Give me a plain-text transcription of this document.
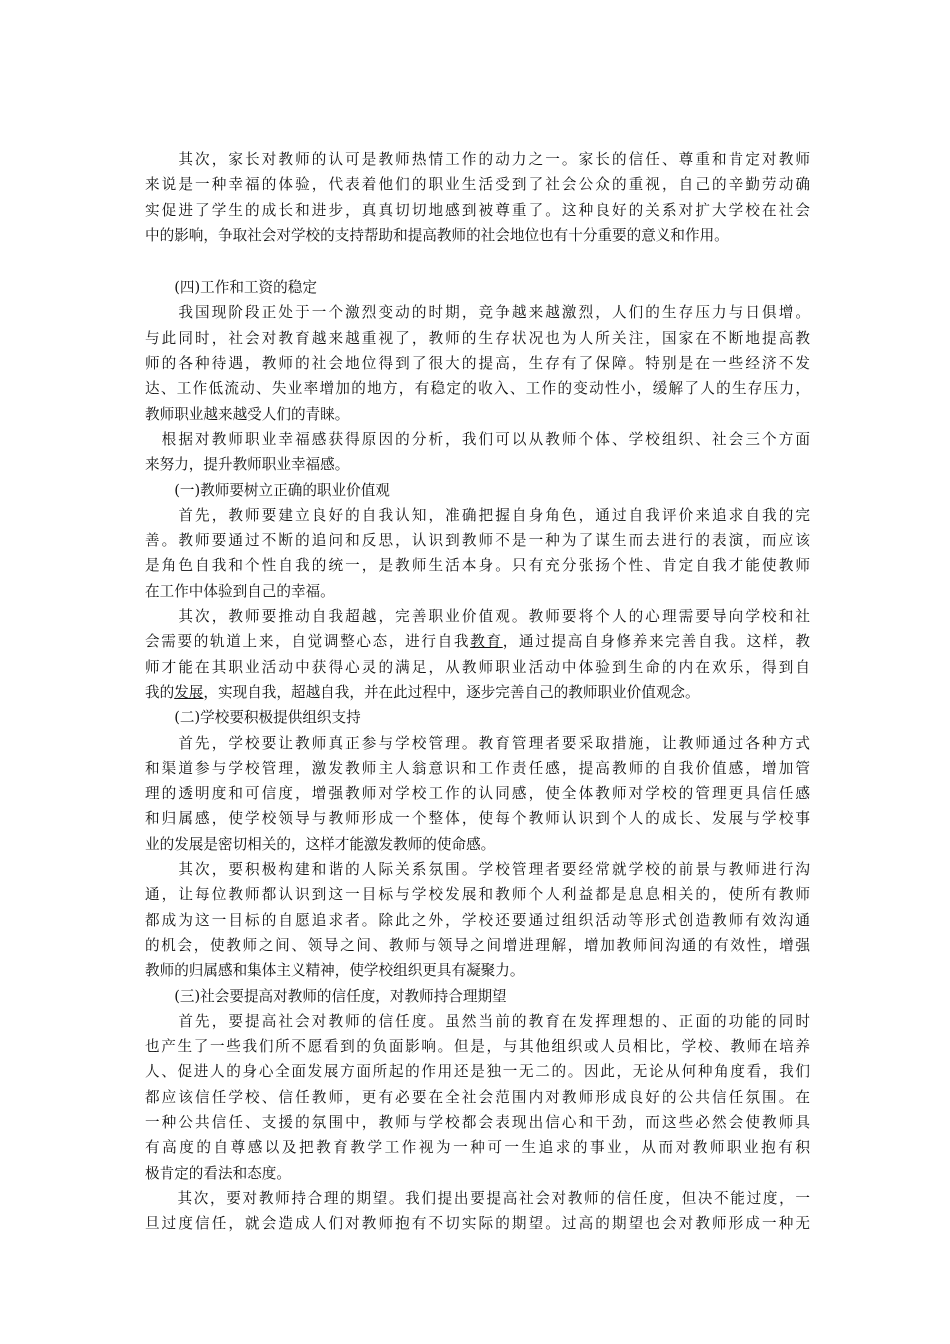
　　其次，家长对教师的认可是教师热情工作的动力之一。家长的信任、尊重和肯定对教师
来说是一种幸福的体验，代表着他们的职业生活受到了社会公众的重视，自己的辛勤劳动确
实促进了学生的成长和进步，真真切切地感到被尊重了。这种良好的关系对扩大学校在社会
中的影响，争取社会对学校的支持帮助和提高教师的社会地位也有十分重要的意义和作用。
　　(四)工作和工资的稳定
　　我国现阶段正处于一个激烈变动的时期，竞争越来越激烈，人们的生存压力与日俱增。
与此同时，社会对教育越来越重视了，教师的生存状况也为人所关注，国家在不断地提高教
师的各种待遇，教师的社会地位得到了很大的提高，生存有了保障。特别是在一些经济不发
达、工作低流动、失业率增加的地方，有稳定的收入、工作的变动性小，缓解了人的生存压力，
教师职业越来越受人们的青睐。
　根据对教师职业幸福感获得原因的分析，我们可以从教师个体、学校组织、社会三个方面
来努力，提升教师职业幸福感。
　　(一)教师要树立正确的职业价值观
　　首先，教师要建立良好的自我认知，准确把握自身角色，通过自我评价来追求自我的完
善。教师要通过不断的追问和反思，认识到教师不是一种为了谋生而去进行的表演，而应该
是角色自我和个性自我的统一，是教师生活本身。只有充分张扬个性、肯定自我才能使教师
在工作中体验到自己的幸福。
　　其次，教师要推动自我超越，完善职业价值观。教师要将个人的心理需要导向学校和社
会需要的轨道上来，自觉调整心态，进行自我教育，通过提高自身修养来完善自我。这样，教
师才能在其职业活动中获得心灵的满足，从教师职业活动中体验到生命的内在欢乐，得到自
我的发展，实现自我，超越自我，并在此过程中，逐步完善自己的教师职业价值观念。
　　(二)学校要积极提供组织支持
　　首先，学校要让教师真正参与学校管理。教育管理者要采取措施，让教师通过各种方式
和渠道参与学校管理，激发教师主人翁意识和工作责任感，提高教师的自我价值感，增加管
理的透明度和可信度，增强教师对学校工作的认同感，使全体教师对学校的管理更具信任感
和归属感，使学校领导与教师形成一个整体，使每个教师认识到个人的成长、发展与学校事
业的发展是密切相关的，这样才能激发教师的使命感。
　　其次，要积极构建和谐的人际关系氛围。学校管理者要经常就学校的前景与教师进行沟
通，让每位教师都认识到这一目标与学校发展和教师个人利益都是息息相关的，使所有教师
都成为这一目标的自愿追求者。除此之外，学校还要通过组织活动等形式创造教师有效沟通
的机会，使教师之间、领导之间、教师与领导之间增进理解，增加教师间沟通的有效性，增强
教师的归属感和集体主义精神，使学校组织更具有凝聚力。
　　(三)社会要提高对教师的信任度，对教师持合理期望
　　首先，要提高社会对教师的信任度。虽然当前的教育在发挥理想的、正面的功能的同时
也产生了一些我们所不愿看到的负面影响。但是，与其他组织或人员相比，学校、教师在培养
人、促进人的身心全面发展方面所起的作用还是独一无二的。因此，无论从何种角度看，我们
都应该信任学校、信任教师，更有必要在全社会范围内对教师形成良好的公共信任氛围。在
一种公共信任、支援的氛围中，教师与学校都会表现出信心和干劲，而这些必然会使教师具
有高度的自尊感以及把教育教学工作视为一种可一生追求的事业，从而对教师职业抱有积
极肯定的看法和态度。
　　其次，要对教师持合理的期望。我们提出要提高社会对教师的信任度，但决不能过度，一
旦过度信任，就会造成人们对教师抱有不切实际的期望。过高的期望也会对教师形成一种无
